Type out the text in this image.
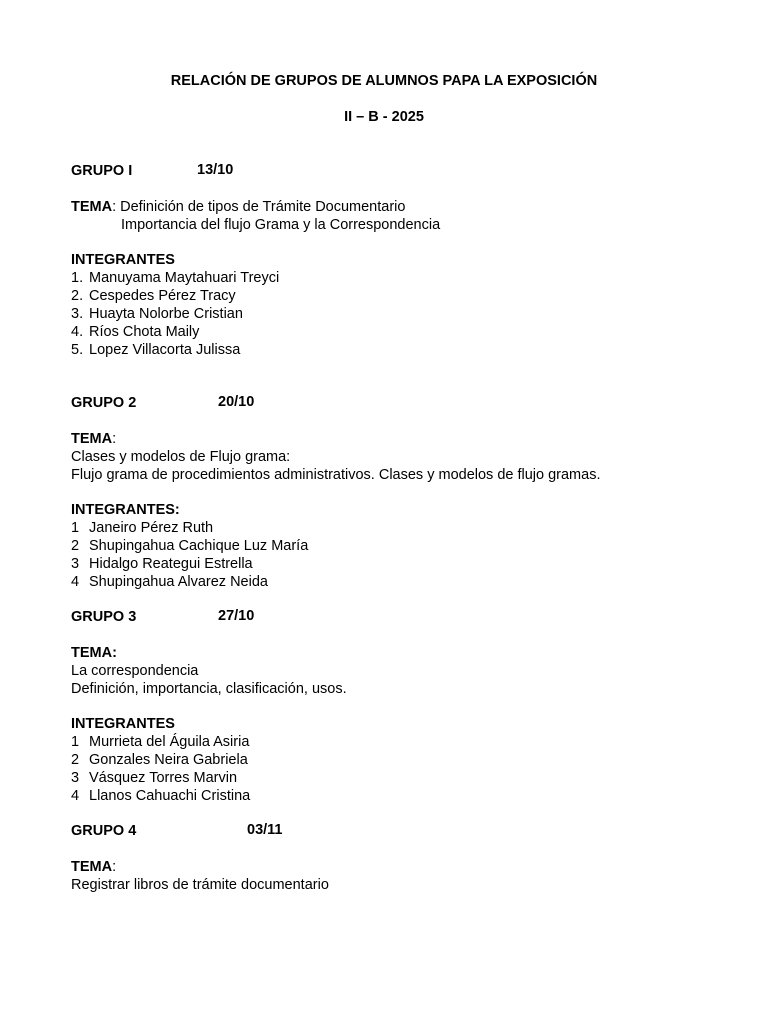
RELACIÓN DE GRUPOS DE ALUMNOS PAPA LA EXPOSICIÓN
II – B - 2025
GRUPO I	13/10
TEMA: Definición de tipos de Trámite Documentario
Importancia del flujo Grama y la Correspondencia
INTEGRANTES
1. Manuyama Maytahuari Treyci
2. Cespedes Pérez Tracy
3. Huayta Nolorbe Cristian
4. Ríos Chota Maily
5. Lopez Villacorta Julissa
GRUPO 2	20/10
TEMA:
Clases y modelos de Flujo grama:
Flujo grama de procedimientos administrativos. Clases y modelos de flujo gramas.
INTEGRANTES:
1 Janeiro Pérez Ruth
2 Shupingahua Cachique Luz María
3 Hidalgo Reategui Estrella
4 Shupingahua Alvarez Neida
GRUPO 3	27/10
TEMA:
La correspondencia
Definición, importancia, clasificación, usos.
INTEGRANTES
1 Murrieta del Águila Asiria
2 Gonzales Neira Gabriela
3 Vásquez Torres Marvin
4 Llanos Cahuachi Cristina
GRUPO 4	03/11
TEMA:
Registrar libros de trámite documentario
